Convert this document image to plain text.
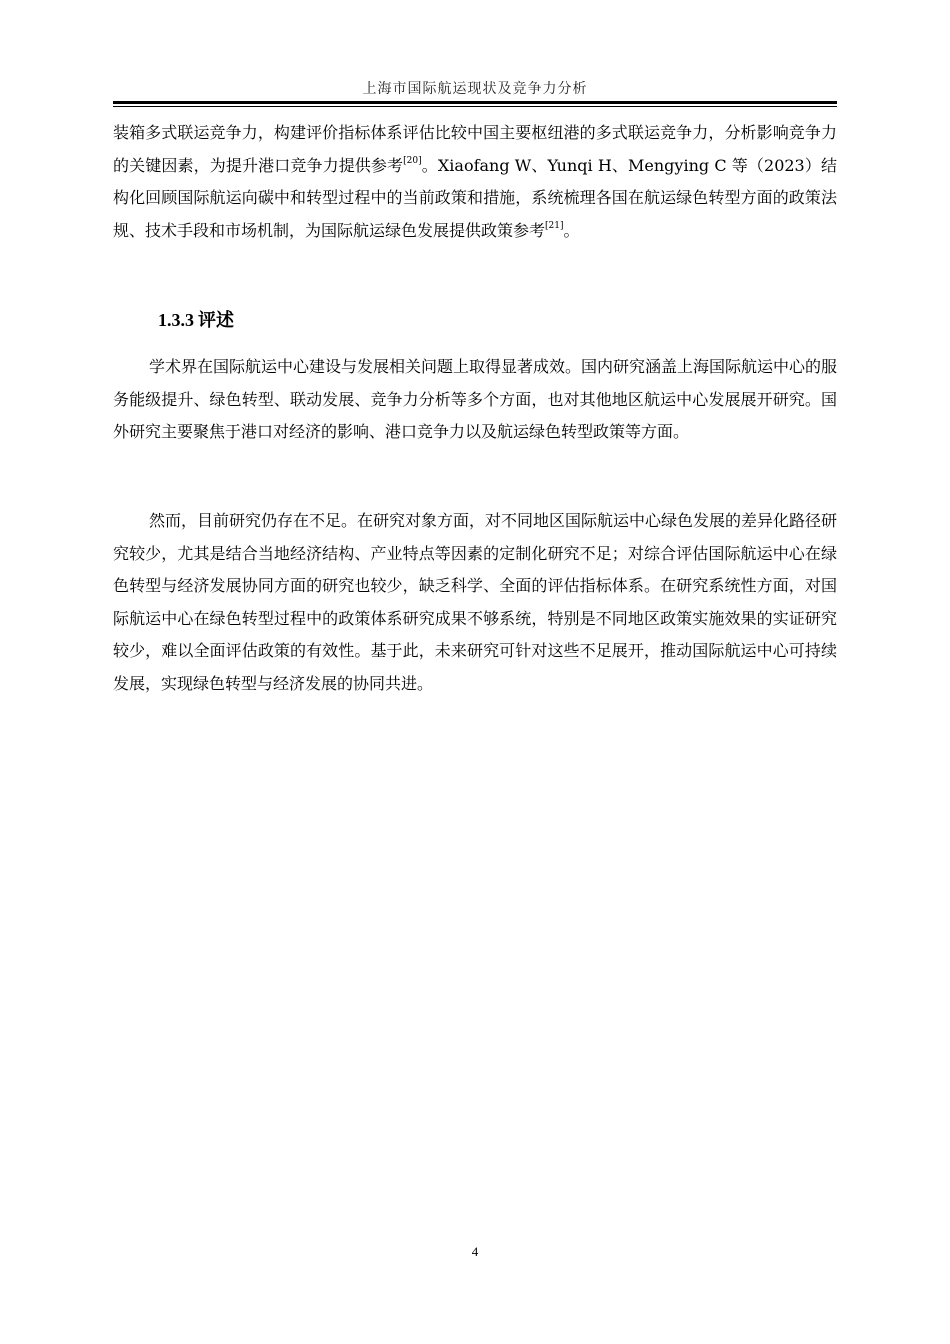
上海市国际航运现状及竞争力分析

装箱多式联运竞争力，构建评价指标体系评估比较中国主要枢纽港的多式联运竞争力，分析影响竞争力的关键因素，为提升港口竞争力提供参考[20]。Xiaofang W、Yunqi H、Mengying C 等（2023）结构化回顾国际航运向碳中和转型过程中的当前政策和措施，系统梳理各国在航运绿色转型方面的政策法规、技术手段和市场机制，为国际航运绿色发展提供政策参考[21]。

1.3.3 评述

学术界在国际航运中心建设与发展相关问题上取得显著成效。国内研究涵盖上海国际航运中心的服务能级提升、绿色转型、联动发展、竞争力分析等多个方面，也对其他地区航运中心发展展开研究。国外研究主要聚焦于港口对经济的影响、港口竞争力以及航运绿色转型政策等方面。

然而，目前研究仍存在不足。在研究对象方面，对不同地区国际航运中心绿色发展的差异化路径研究较少，尤其是结合当地经济结构、产业特点等因素的定制化研究不足；对综合评估国际航运中心在绿色转型与经济发展协同方面的研究也较少，缺乏科学、全面的评估指标体系。在研究系统性方面，对国际航运中心在绿色转型过程中的政策体系研究成果不够系统，特别是不同地区政策实施效果的实证研究较少，难以全面评估政策的有效性。基于此，未来研究可针对这些不足展开，推动国际航运中心可持续发展，实现绿色转型与经济发展的协同共进。

4
